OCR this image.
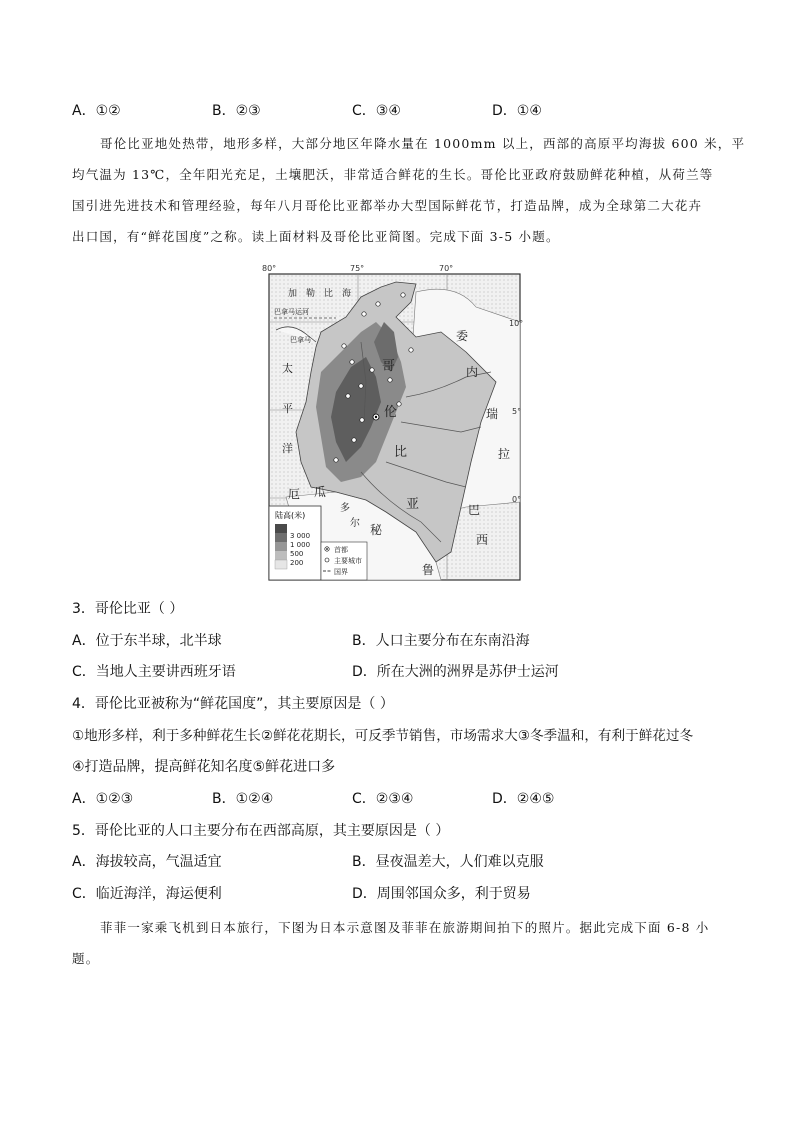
A．①②	B．②③	C．③④	D．①④
哥伦比亚地处热带，地形多样，大部分地区年降水量在 1000mm 以上，西部的高原平均海拔 600 米，平
均气温为 13℃，全年阳光充足，土壤肥沃，非常适合鲜花的生长。哥伦比亚政府鼓励鲜花种植，从荷兰等
国引进先进技术和管理经验，每年八月哥伦比亚都举办大型国际鲜花节，打造品牌，成为全球第二大花卉
出口国，有“鲜花国度”之称。读上面材料及哥伦比亚简图。完成下面 3-5 小题。
80°	75°	70°
10°
5°
0°
加勒比海
巴拿马运河
巴拿马
太
平
洋
哥
伦
比
亚
委
内
瑞
拉
厄 瓜
多
尔 秘
鲁
巴
西
陆高(米)
3 000
1 000
500
200
首都
主要城市
国界
3．哥伦比亚（ ）
A．位于东半球，北半球	B．人口主要分布在东南沿海
C．当地人主要讲西班牙语	D．所在大洲的洲界是苏伊士运河
4．哥伦比亚被称为“鲜花国度”，其主要原因是（ ）
①地形多样，利于多种鲜花生长②鲜花花期长，可反季节销售，市场需求大③冬季温和，有利于鲜花过冬
④打造品牌，提高鲜花知名度⑤鲜花进口多
A．①②③	B．①②④	C．②③④	D．②④⑤
5．哥伦比亚的人口主要分布在西部高原，其主要原因是（ ）
A．海拔较高，气温适宜	B．昼夜温差大，人们难以克服
C．临近海洋，海运便利	D．周围邻国众多，利于贸易
菲菲一家乘飞机到日本旅行，下图为日本示意图及菲菲在旅游期间拍下的照片。据此完成下面 6-8 小
题。
